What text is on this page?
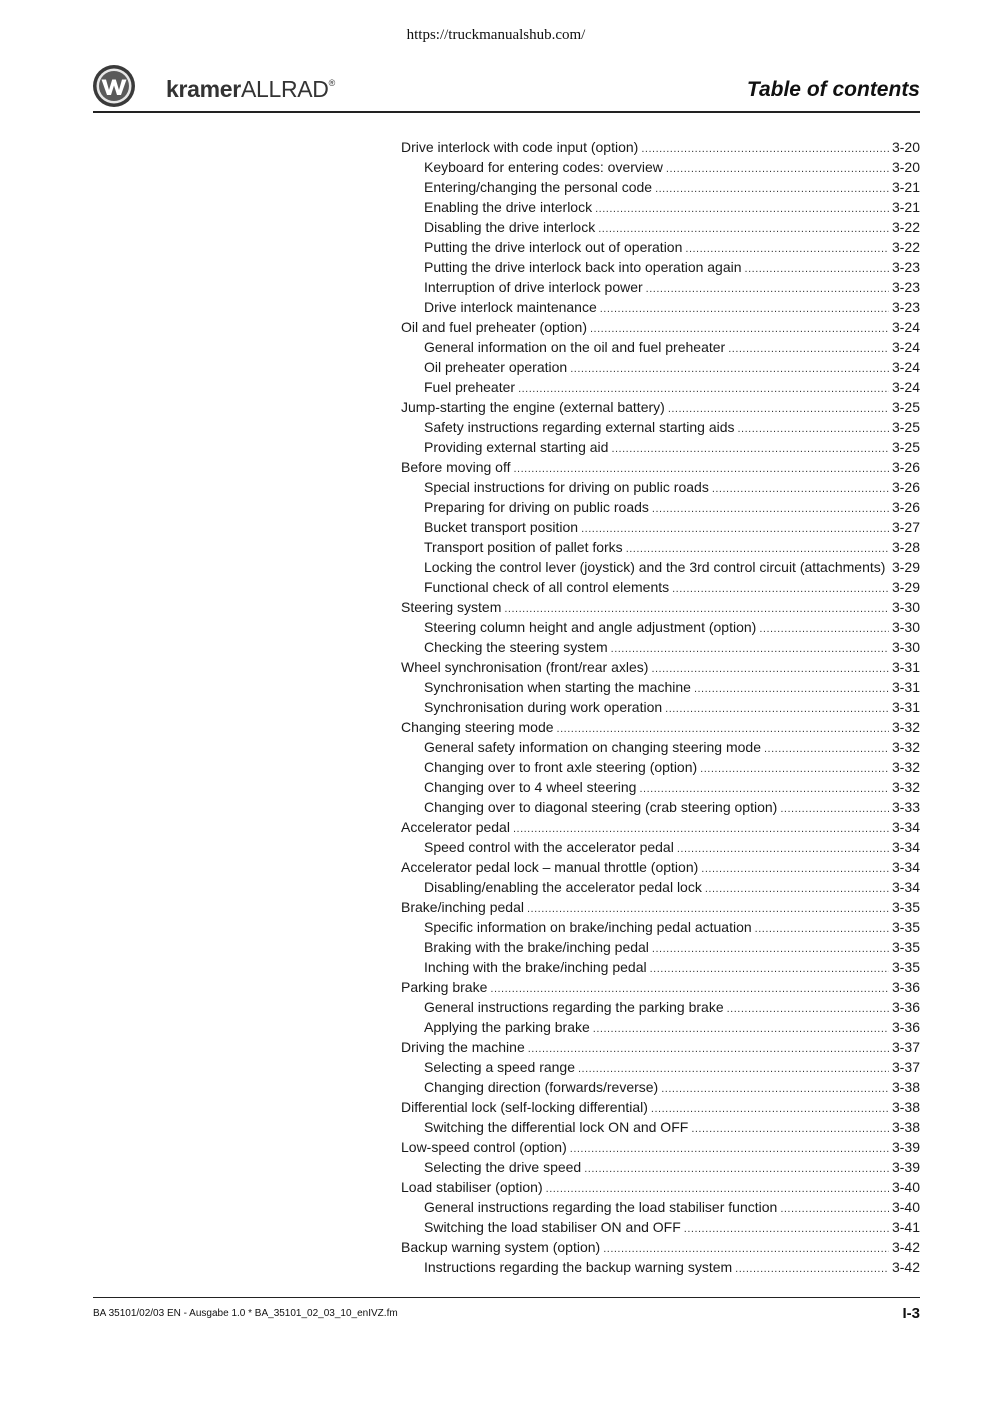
https://truckmanualshub.com/
kramerALLRAD®	Table of contents
Drive interlock with code input (option) .....	3-20
Keyboard for entering codes: overview .....	3-20
Entering/changing the personal code .....	3-21
Enabling the drive interlock .....	3-21
Disabling the drive interlock .....	3-22
Putting the drive interlock out of operation .....	3-22
Putting the drive interlock back into operation again .....	3-23
Interruption of drive interlock power .....	3-23
Drive interlock maintenance .....	3-23
Oil and fuel preheater (option) .....	3-24
General information on the oil and fuel preheater .....	3-24
Oil preheater operation .....	3-24
Fuel preheater .....	3-24
Jump-starting the engine (external battery) .....	3-25
Safety instructions regarding external starting aids .....	3-25
Providing external starting aid .....	3-25
Before moving off .....	3-26
Special instructions for driving on public roads .....	3-26
Preparing for driving on public roads .....	3-26
Bucket transport position .....	3-27
Transport position of pallet forks .....	3-28
Locking the control lever (joystick) and the 3rd control circuit (attachments) ..... 3-29
Functional check of all control elements .....	3-29
Steering system .....	3-30
Steering column height and angle adjustment (option) .....	3-30
Checking the steering system .....	3-30
Wheel synchronisation (front/rear axles) .....	3-31
Synchronisation when starting the machine .....	3-31
Synchronisation during work operation .....	3-31
Changing steering mode .....	3-32
General safety information on changing steering mode .....	3-32
Changing over to front axle steering (option) .....	3-32
Changing over to 4 wheel steering .....	3-32
Changing over to diagonal steering (crab steering option) .....	3-33
Accelerator pedal .....	3-34
Speed control with the accelerator pedal .....	3-34
Accelerator pedal lock – manual throttle (option) .....	3-34
Disabling/enabling the accelerator pedal lock .....	3-34
Brake/inching pedal .....	3-35
Specific information on brake/inching pedal actuation .....	3-35
Braking with the brake/inching pedal .....	3-35
Inching with the brake/inching pedal .....	3-35
Parking brake .....	3-36
General instructions regarding the parking brake .....	3-36
Applying the parking brake .....	3-36
Driving the machine .....	3-37
Selecting a speed range .....	3-37
Changing direction (forwards/reverse) .....	3-38
Differential lock (self-locking differential) .....	3-38
Switching the differential lock ON and OFF .....	3-38
Low-speed control (option) .....	3-39
Selecting the drive speed .....	3-39
Load stabiliser (option) .....	3-40
General instructions regarding the load stabiliser function .....	3-40
Switching the load stabiliser ON and OFF .....	3-41
Backup warning system (option) .....	3-42
Instructions regarding the backup warning system .....	3-42
BA 35101/02/03 EN - Ausgabe 1.0 * BA_35101_02_03_10_enIVZ.fm	I-3
